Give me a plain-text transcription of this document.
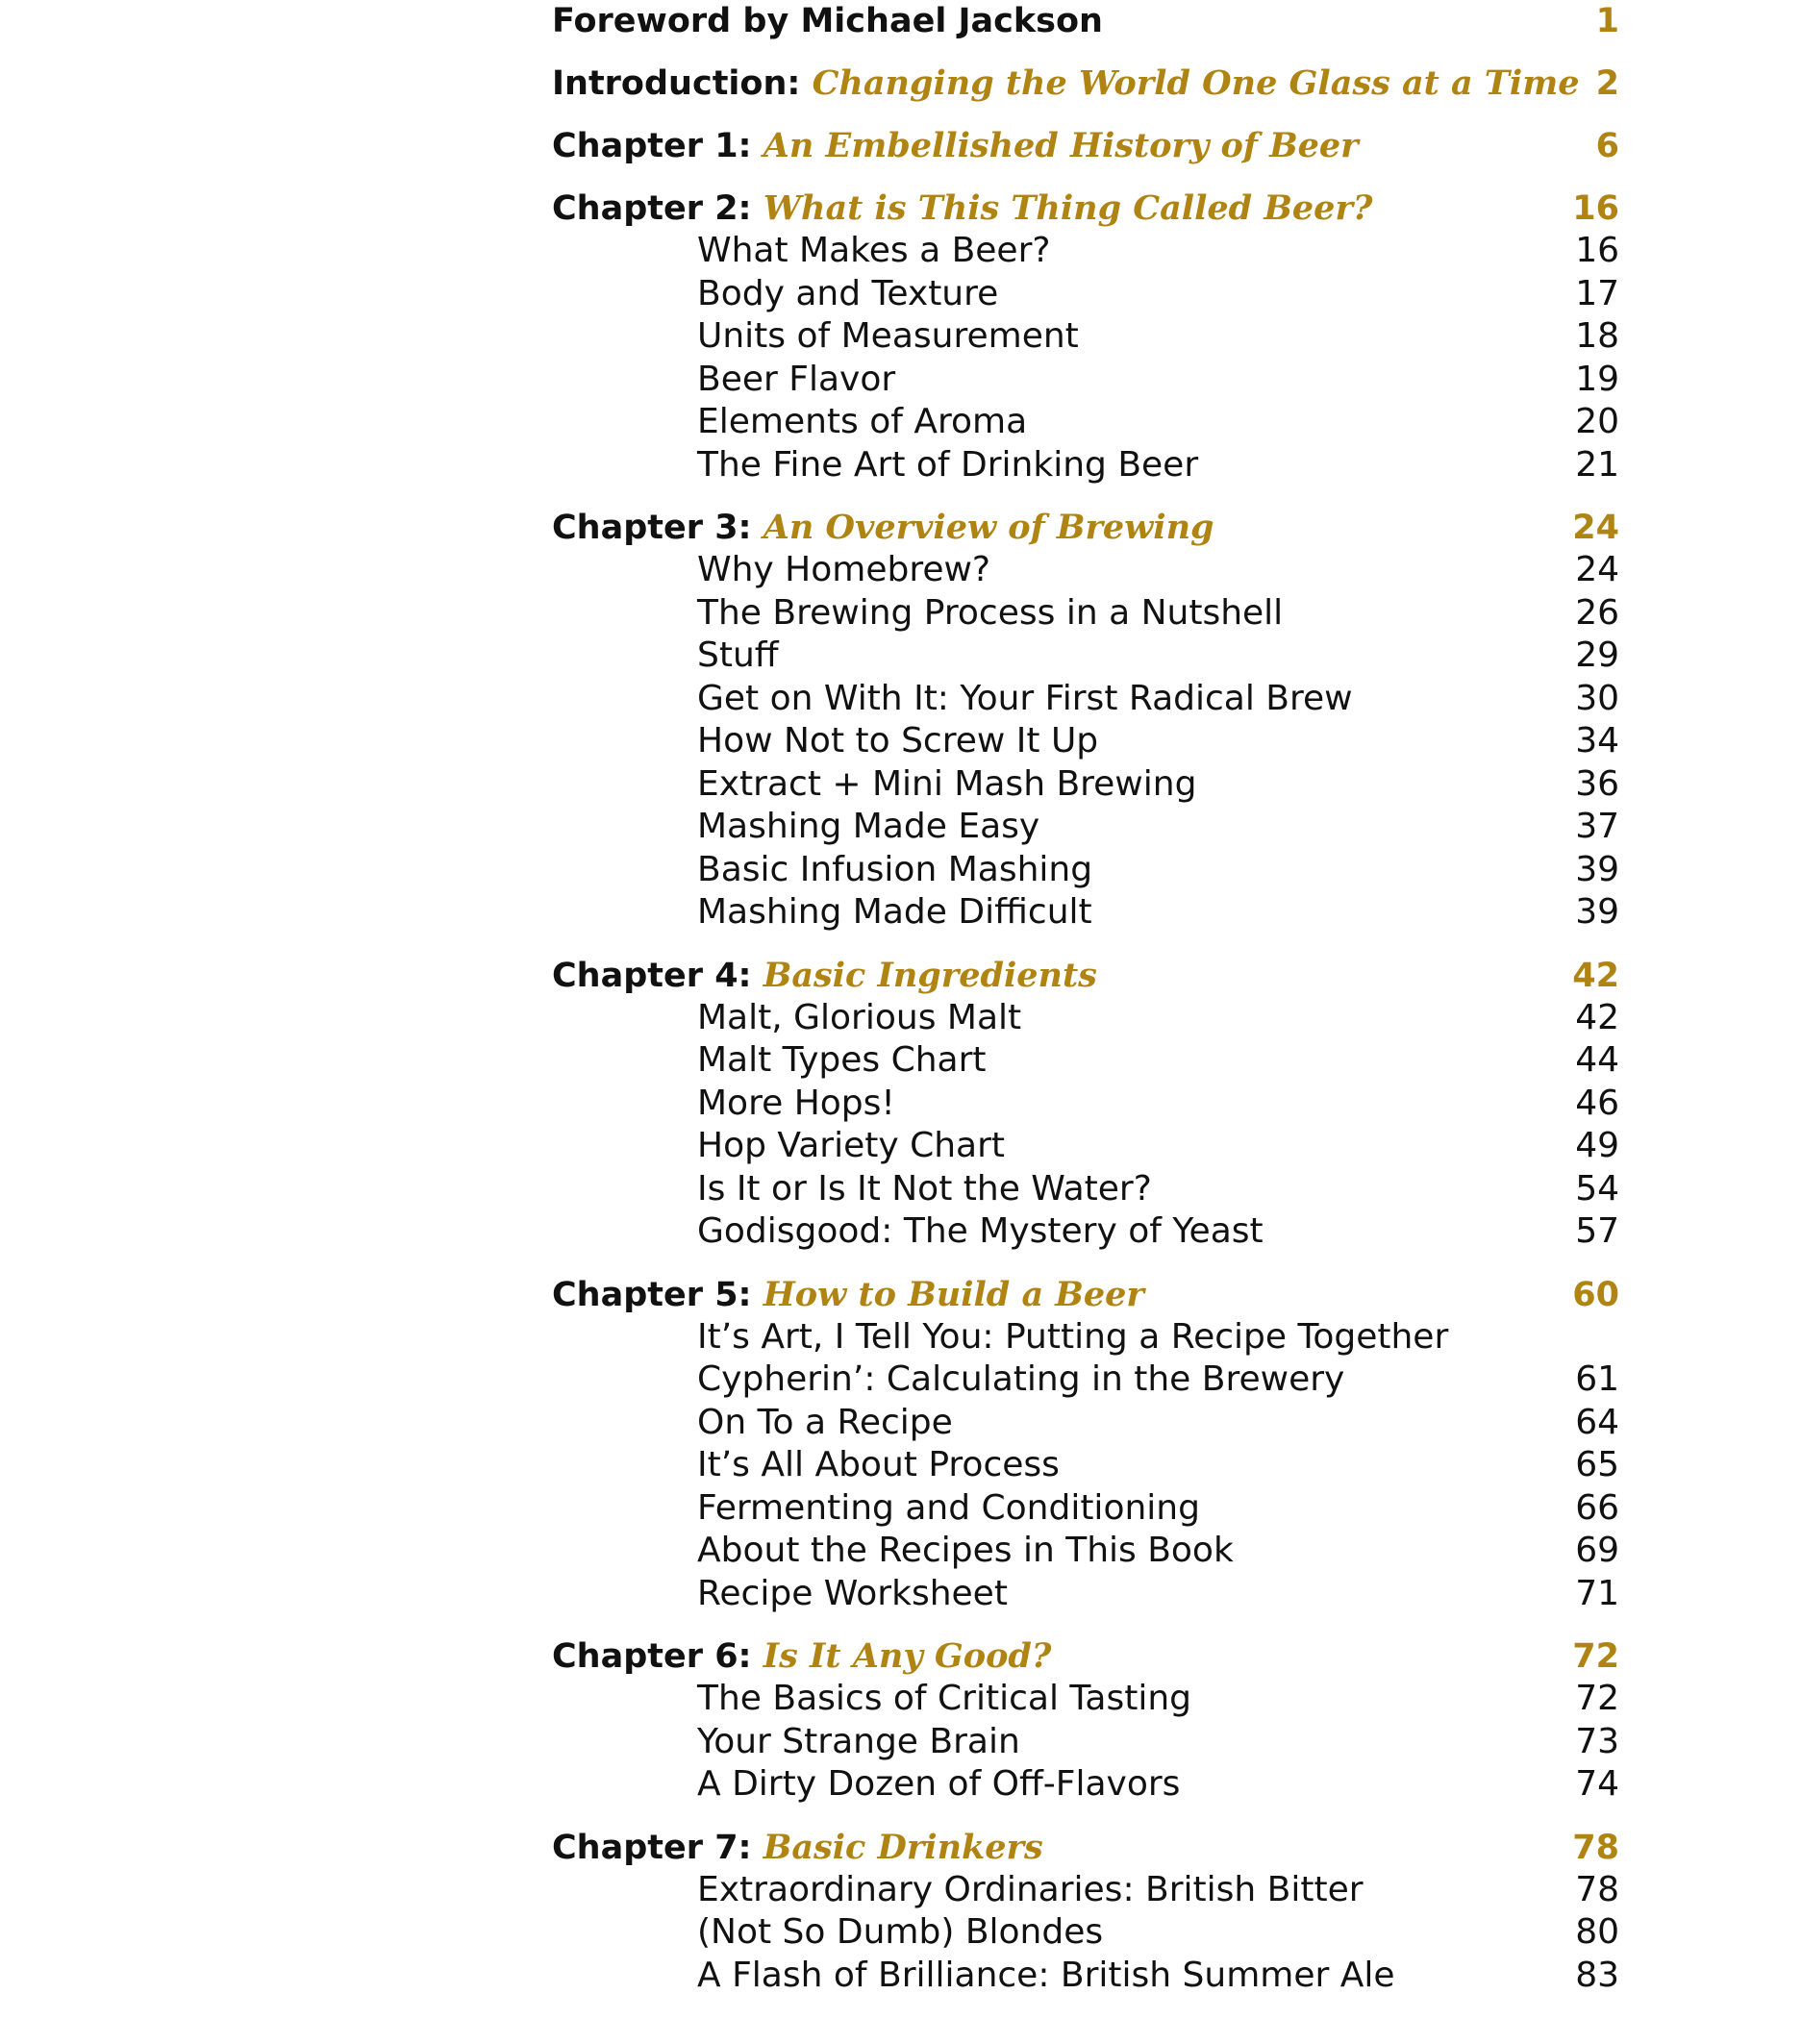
Foreword by Michael Jackson	1
Introduction: Changing the World One Glass at a Time 2
Chapter 1: An Embellished History of Beer	6
Chapter 2: What is This Thing Called Beer?	16
What Makes a Beer?	16
Body and Texture	17
Units of Measurement	18
Beer Flavor	19
Elements of Aroma	20
The Fine Art of Drinking Beer	21
Chapter 3: An Overview of Brewing	24
Why Homebrew?	24
The Brewing Process in a Nutshell	26
Stuff	29
Get on With It: Your First Radical Brew	30
How Not to Screw It Up	34
Extract + Mini Mash Brewing	36
Mashing Made Easy	37
Basic Infusion Mashing	39
Mashing Made Difficult	39
Chapter 4: Basic Ingredients	42
Malt, Glorious Malt	42
Malt Types Chart	44
More Hops!	46
Hop Variety Chart	49
Is It or Is It Not the Water?	54
Godisgood: The Mystery of Yeast	57
Chapter 5: How to Build a Beer	60
It’s Art, I Tell You: Putting a Recipe Together
Cypherin’: Calculating in the Brewery	61
On To a Recipe	64
It’s All About Process	65
Fermenting and Conditioning	66
About the Recipes in This Book	69
Recipe Worksheet	71
Chapter 6: Is It Any Good?	72
The Basics of Critical Tasting	72
Your Strange Brain	73
A Dirty Dozen of Off-Flavors	74
Chapter 7: Basic Drinkers	78
Extraordinary Ordinaries: British Bitter	78
(Not So Dumb) Blondes	80
A Flash of Brilliance: British Summer Ale	83
